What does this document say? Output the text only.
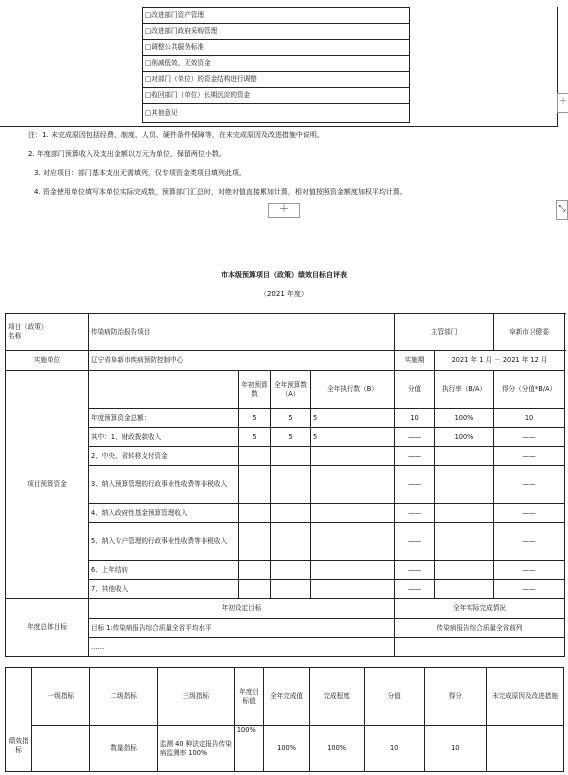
□改进部门资产管理
□改进部门政府采购管理
□调整公共服务标准
□削减低效、无效资金
□对部门（单位）的资金结构进行调整
□收回部门（单位）长期沉淀的资金
□其他意见
＋
⤡
注：1. 未完成原因包括经费、制度、人员、硬件条件保障等，在未完成原因及改进措施中说明。
2. 年度部门预算收入及支出金额以万元为单位，保留两位小数。
3. 对应项目：部门基本支出无需填列，仅专项资金类项目填列此项。
4. 资金使用单位填写本单位实际完成数，预算部门汇总时，对绝对值直接累加计算，相对值按照资金额度加权平均计算。
＋
市本级预算项目（政策）绩效目标自评表
（2021 年度）
项目（政策）
名称	传染病防治报告项目				主管部门		阜新市卫健委
实施单位	辽宁省阜新市疾病预防控制中心				实施期	2021 年 1 月 － 2021 年 12 月	
项目预算资金		年初预算数	全年预算数（A）	全年执行数（B）	分值	执行率（B/A）	得分（分值*B/A）
	年度预算资金总额：	5	5	5	10	100%	10
	其中：1、财政拨款收入	5	5	5	——	100%	——
	2、中央、省转移支付资金				——		——
	3、纳入预算管理的行政事业性收费等非税收入				——		——
	4、纳入政府性基金预算管理收入				——		——
	5、纳入专户管理的行政事业性收费等非税收入				——		——
	6、上年结转				——		——
	7、其他收入				——		——
年度总体目标	年初设定目标				全年实际完成情况		
	目标 1:传染病报告综合质量全省平均水平				传染病报告综合质量全省前列		
	……						
绩效指标	一级指标	二级指标	三级指标	年度目标值	全年完成值	完成程度	分值	得分	未完成原因及改进措施
		数量指标	监测 40 种法定报告传染病监测率 100%	100%	100%	100%	10	10	
